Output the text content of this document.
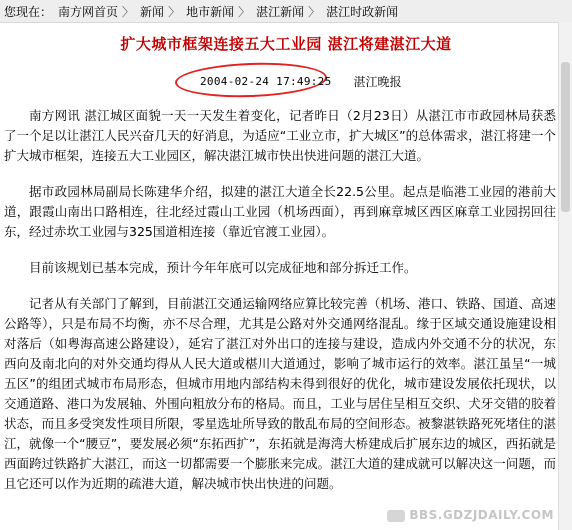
您现在： 南方网首页 〉 新闻 〉 地市新闻 〉 湛江新闻 〉 湛江时政新闻
扩大城市框架连接五大工业园 湛江将建湛江大道
2004-02-24 17:49:25 湛江晚报

南方网讯 湛江城区面貌一天一天发生着变化，记者昨日（2月23日）从湛江市市政园林局获悉了一个足以让湛江人民兴奋几天的好消息，为适应“工业立市，扩大城区”的总体需求，湛江将建一个扩大城市框架，连接五大工业园区，解决湛江城市快出快进问题的湛江大道。

据市政园林局副局长陈建华介绍，拟建的湛江大道全长22.5公里。起点是临港工业园的港前大道，跟霞山南出口路相连，往北经过霞山工业园（机场西面），再到麻章城区西区麻章工业园拐回往东，经过赤坎工业园与325国道相连接（靠近官渡工业园）。

目前该规划已基本完成，预计今年年底可以完成征地和部分拆迁工作。

记者从有关部门了解到，目前湛江交通运输网络应算比较完善（机场、港口、铁路、国道、高速公路等），只是布局不均衡，亦不尽合理，尤其是公路对外交通网络混乱。缘于区域交通设施建设相对落后（如粤海高速公路建设），延宕了湛江对外出口的连接与建设，造成内外交通不分的状况，东西向及南北向的对外交通均得从人民大道或椹川大道通过，影响了城市运行的效率。湛江虽呈“一城五区”的组团式城市布局形态，但城市用地内部结构未得到很好的优化，城市建设发展依托现状，以交通道路、港口为发展轴、外围向粗放分布的格局。而且，工业与居住呈相互交织、犬牙交错的胶着状态，而且多受突发性项目所限，零星选址所导致的散乱布局的空间形态。被黎湛铁路死死堵住的湛江，就像一个“腰豆”，要发展必须“东拓西扩”，东拓就是海湾大桥建成后扩展东边的城区，西拓就是西面跨过铁路扩大湛江，而这一切都需要一个膨胀来完成。湛江大道的建成就可以解决这一问题，而且它还可以作为近期的疏港大道，解决城市快出快进的问题。

BBS.GDZJDAILY.COM
